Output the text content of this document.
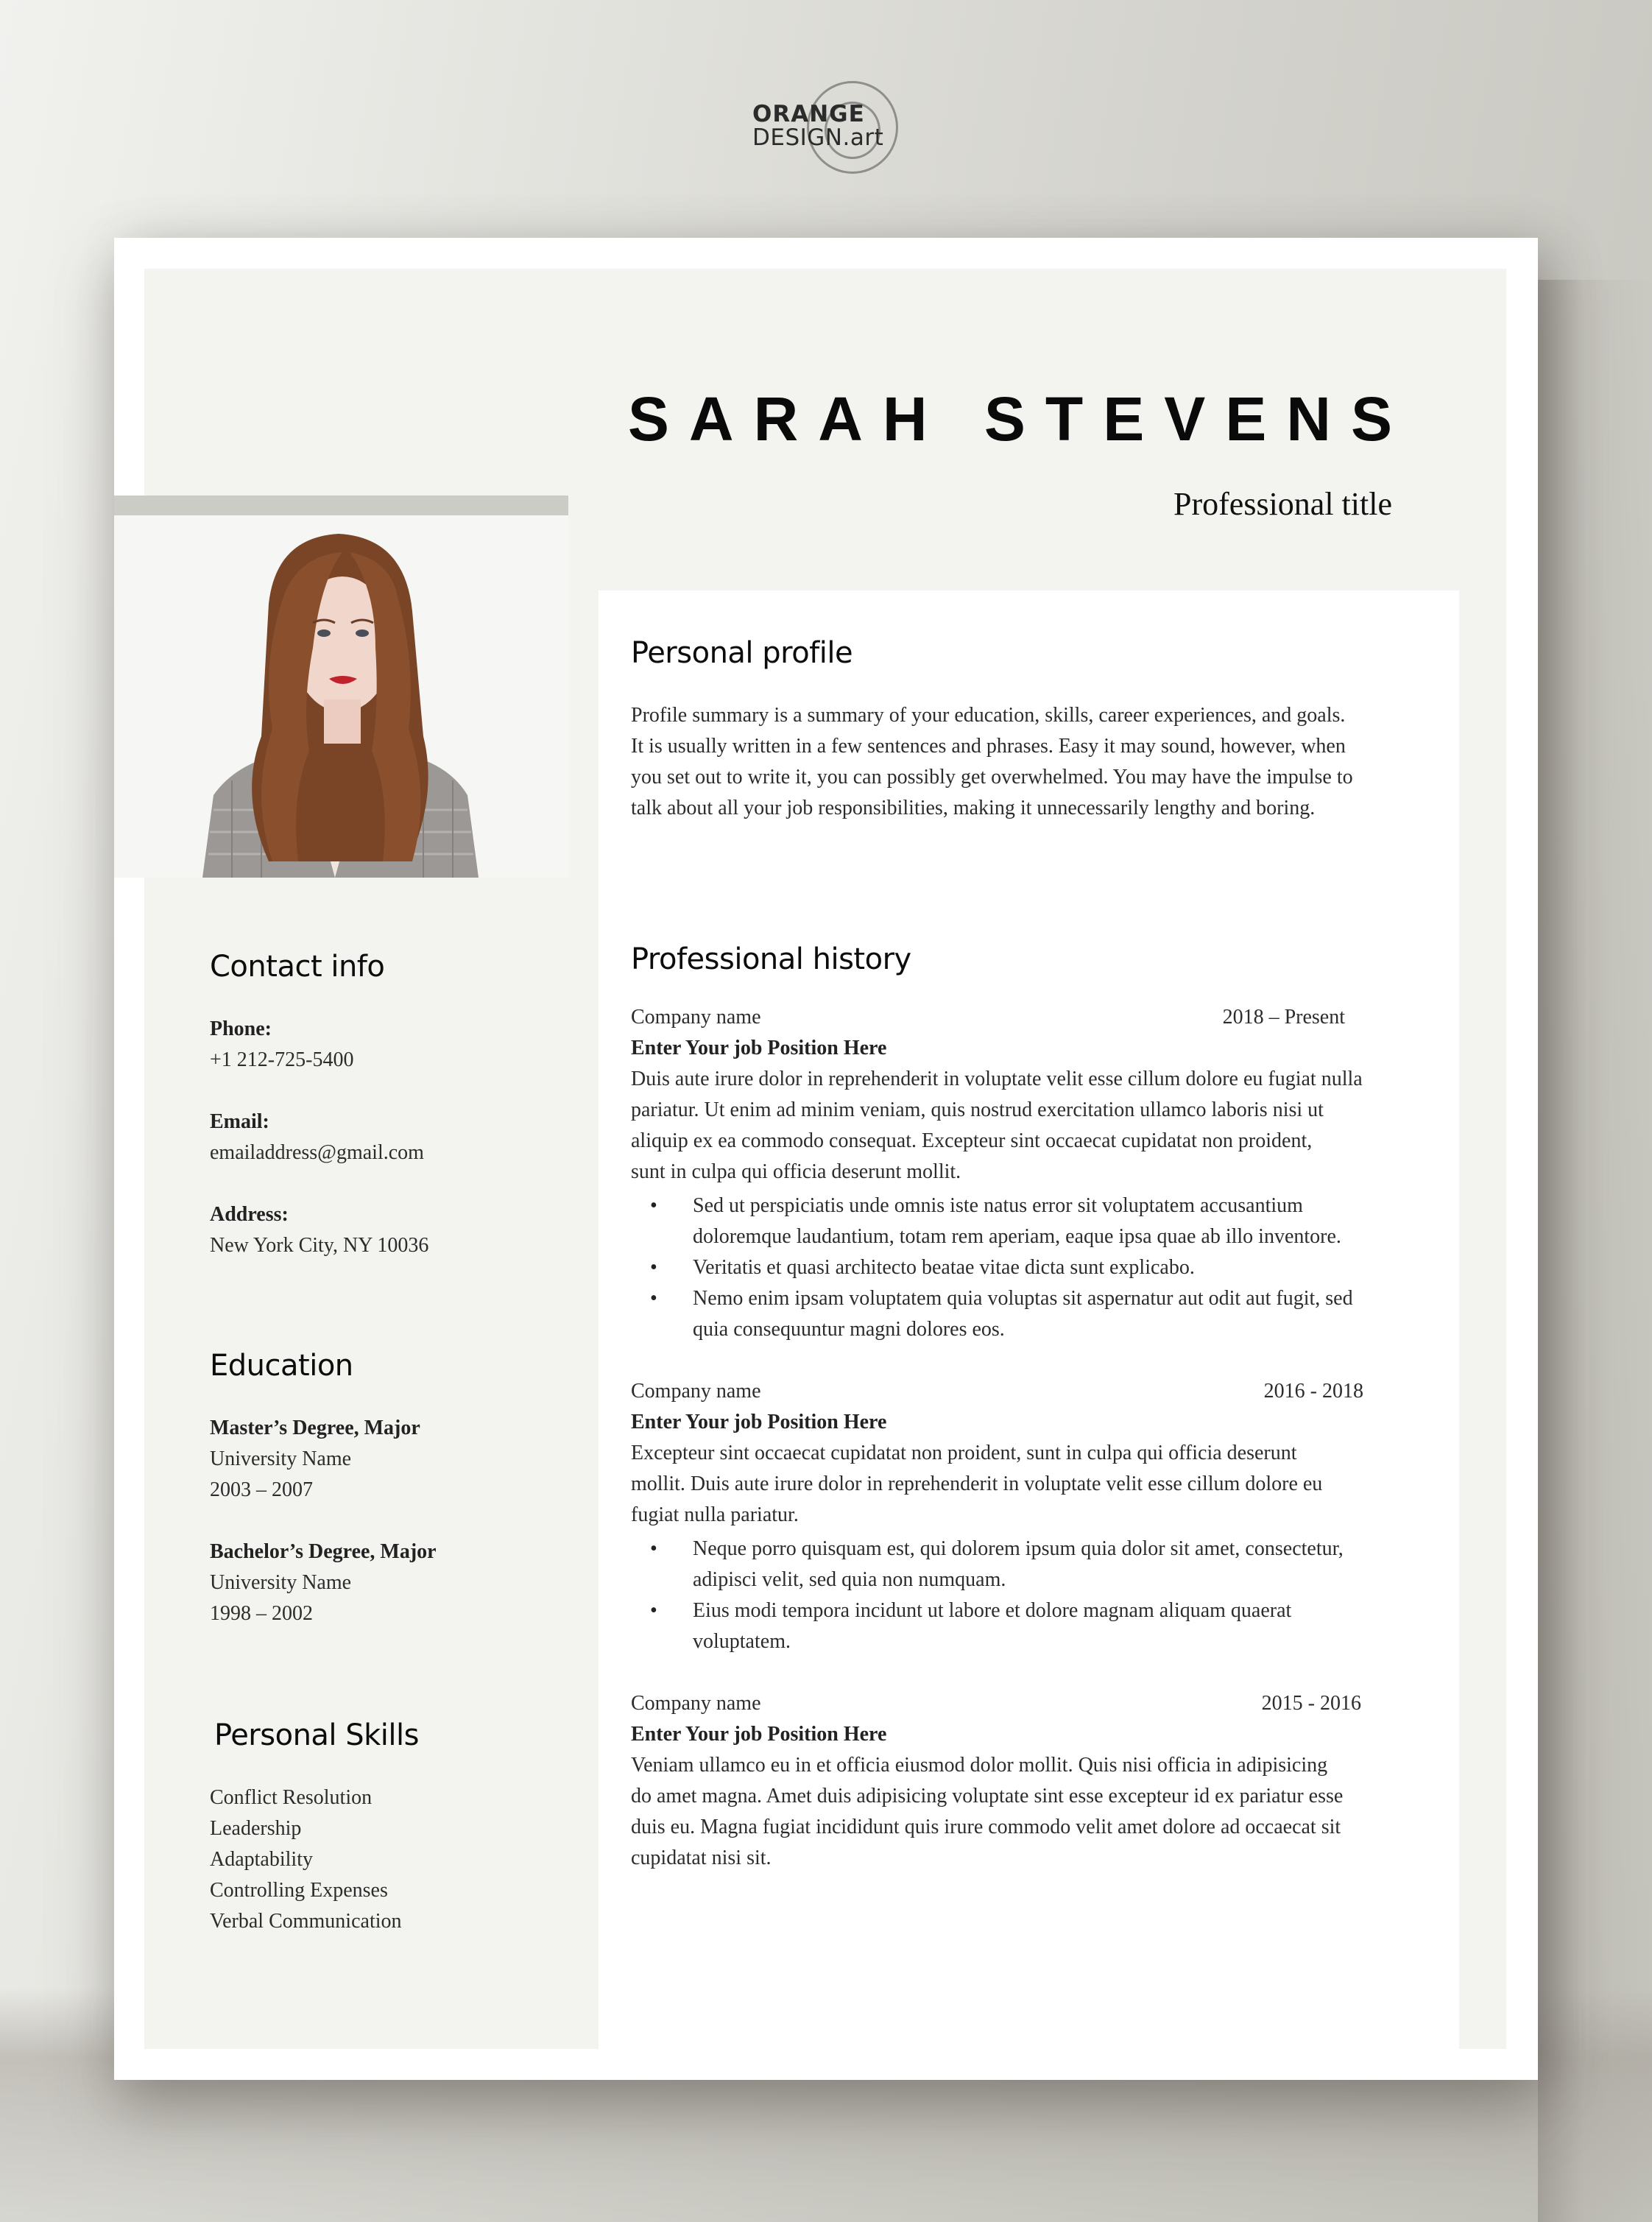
ORANGE
DESIGN.art
SARAH STEVENS
Professional title
Contact info
Phone:
+1 212-725-5400
Email:
emailaddress@gmail.com
Address:
New York City, NY 10036
Education
Master’s Degree, Major
University Name
2003 – 2007
Bachelor’s Degree, Major
University Name
1998 – 2002
Personal Skills
Conflict Resolution
Leadership
Adaptability
Controlling Expenses
Verbal Communication
Personal profile
Profile summary is a summary of your education, skills, career experiences, and goals. It is usually written in a few sentences and phrases. Easy it may sound, however, when you set out to write it, you can possibly get overwhelmed. You may have the impulse to talk about all your job responsibilities, making it unnecessarily lengthy and boring.
Professional history
Company name	2018 – Present
Enter Your job Position Here
Duis aute irure dolor in reprehenderit in voluptate velit esse cillum dolore eu fugiat nulla pariatur. Ut enim ad minim veniam, quis nostrud exercitation ullamco laboris nisi ut aliquip ex ea commodo consequat. Excepteur sint occaecat cupidatat non proident,
sunt in culpa qui officia deserunt mollit.
• Sed ut perspiciatis unde omnis iste natus error sit voluptatem accusantium doloremque laudantium, totam rem aperiam, eaque ipsa quae ab illo inventore.
• Veritatis et quasi architecto beatae vitae dicta sunt explicabo.
• Nemo enim ipsam voluptatem quia voluptas sit aspernatur aut odit aut fugit, sed quia consequuntur magni dolores eos.
Company name	2016 - 2018
Enter Your job Position Here
Excepteur sint occaecat cupidatat non proident, sunt in culpa qui officia deserunt mollit. Duis aute irure dolor in reprehenderit in voluptate velit esse cillum dolore eu fugiat nulla pariatur.
• Neque porro quisquam est, qui dolorem ipsum quia dolor sit amet, consectetur, adipisci velit, sed quia non numquam.
• Eius modi tempora incidunt ut labore et dolore magnam aliquam quaerat voluptatem.
Company name	2015 - 2016
Enter Your job Position Here
Veniam ullamco eu in et officia eiusmod dolor mollit. Quis nisi officia in adipisicing do amet magna. Amet duis adipisicing voluptate sint esse excepteur id ex pariatur esse duis eu. Magna fugiat incididunt quis irure commodo velit amet dolore ad occaecat sit cupidatat nisi sit.
